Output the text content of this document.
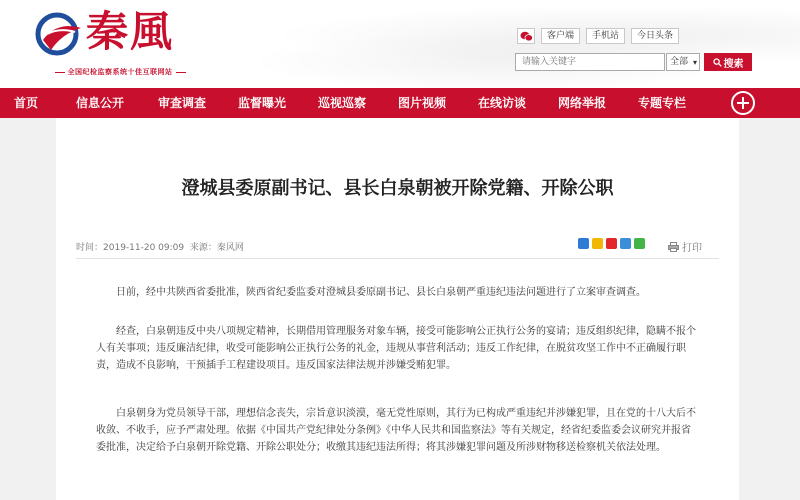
秦風
全国纪检监察系统十佳互联网站
客户端	手机站	今日头条
请输入关键字
全部 ▾	搜索
首页	信息公开	审查调查	监督曝光	巡视巡察	图片视频	在线访谈	网络举报	专题专栏
澄城县委原副书记、县长白泉朝被开除党籍、开除公职
时间：2019-11-20 09:09 来源：秦风网	打印

日前，经中共陕西省委批准，陕西省纪委监委对澄城县委原副书记、县长白泉朝严重违纪违法问题进行了立案审查调查。

经查，白泉朝违反中央八项规定精神，长期借用管理服务对象车辆，接受可能影响公正执行公务的宴请；违反组织纪律，隐瞒不报个人有关事项；违反廉洁纪律，收受可能影响公正执行公务的礼金，违规从事营利活动；违反工作纪律，在脱贫攻坚工作中不正确履行职责，造成不良影响，干预插手工程建设项目。违反国家法律法规并涉嫌受贿犯罪。

白泉朝身为党员领导干部，理想信念丧失，宗旨意识淡漠，毫无党性原则，其行为已构成严重违纪并涉嫌犯罪，且在党的十八大后不收敛、不收手，应予严肃处理。依据《中国共产党纪律处分条例》《中华人民共和国监察法》等有关规定，经省纪委监委会议研究并报省委批准，决定给予白泉朝开除党籍、开除公职处分；收缴其违纪违法所得；将其涉嫌犯罪问题及所涉财物移送检察机关依法处理。
